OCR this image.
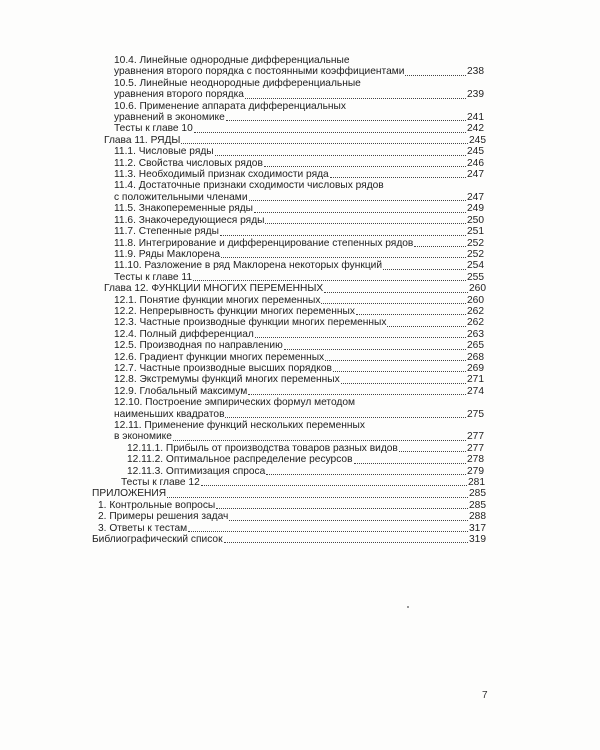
10.4. Линейные однородные дифференциальные
уравнения второго порядка с постоянными коэффициентами	238
10.5. Линейные неоднородные дифференциальные
уравнения второго порядка	239
10.6. Применение аппарата дифференциальных
уравнений в экономике	241
Тесты к главе 10	242
Глава 11. РЯДЫ	245
11.1. Числовые ряды	245
11.2. Свойства числовых рядов	246
11.3. Необходимый признак сходимости ряда	247
11.4. Достаточные признаки сходимости числовых рядов
с положительными членами	247
11.5. Знакопеременные ряды	249
11.6. Знакочередующиеся ряды	250
11.7. Степенные ряды	251
11.8. Интегрирование и дифференцирование степенных рядов	252
11.9. Ряды Маклорена	252
11.10. Разложение в ряд Маклорена некоторых функций	254
Тесты к главе 11	255
Глава 12. ФУНКЦИИ МНОГИХ ПЕРЕМЕННЫХ	260
12.1. Понятие функции многих переменных	260
12.2. Непрерывность функции многих переменных	262
12.3. Частные производные функции многих переменных	262
12.4. Полный дифференциал	263
12.5. Производная по направлению	265
12.6. Градиент функции многих переменных	268
12.7. Частные производные высших порядков	269
12.8. Экстремумы функций многих переменных	271
12.9. Глобальный максимум	274
12.10. Построение эмпирических формул методом
наименьших квадратов	275
12.11. Применение функций нескольких переменных
в экономике	277
12.11.1. Прибыль от производства товаров разных видов	277
12.11.2. Оптимальное распределение ресурсов	278
12.11.3. Оптимизация спроса	279
Тесты к главе 12	281
ПРИЛОЖЕНИЯ	285
1. Контрольные вопросы	285
2. Примеры решения задач	288
3. Ответы к тестам	317
Библиографический список	319
7
